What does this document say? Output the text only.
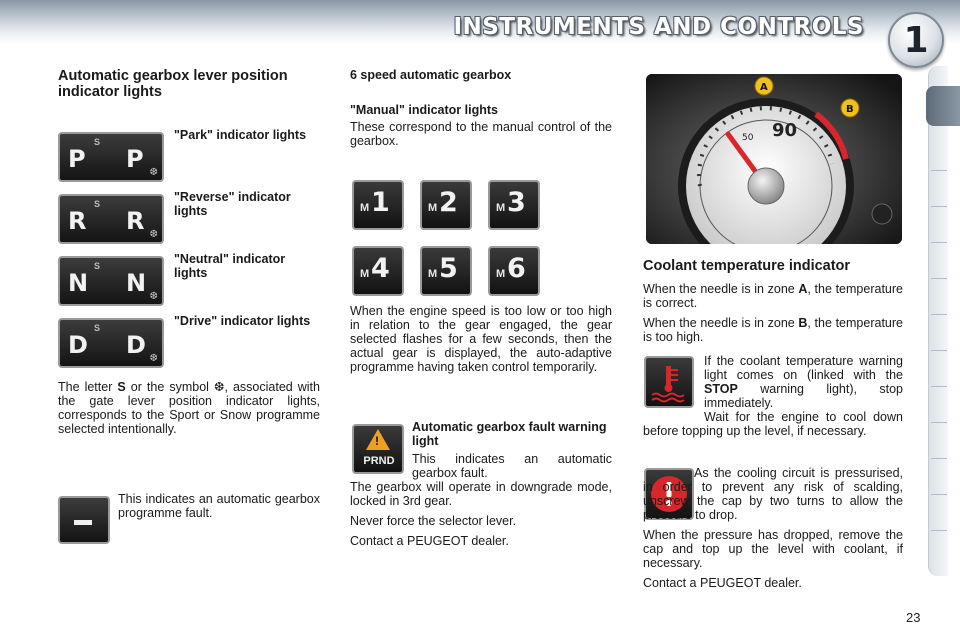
INSTRUMENTS AND CONTROLS	1
Automatic gearbox lever position indicator lights
S
P P ❆
"Park" indicator lights
S
R R ❆
"Reverse" indicator lights
S
N N ❆
"Neutral" indicator lights
S
D D ❆
"Drive" indicator lights
The letter S or the symbol ❆, associated with the gate lever position indicator lights, corresponds to the Sport or Snow programme selected intentionally.
This indicates an automatic gearbox programme fault.
6 speed automatic gearbox
"Manual" indicator lights
These correspond to the manual control of the gearbox.
M 1	M 2	M 3
M 4	M 5	M 6
When the engine speed is too low or too high in relation to the gear engaged, the gear selected flashes for a few seconds, then the actual gear is displayed, the auto-adaptive programme having taken control temporarily.
!
PRND
Automatic gearbox fault warning light
This indicates an automatic gearbox fault.

The gearbox will operate in downgrade mode, locked in 3rd gear.

Never force the selector lever.

Contact a PEUGEOT dealer.

90
50
A
B
Coolant temperature indicator

When the needle is in zone A, the temperature is correct.

When the needle is in zone B, the temperature is too high.

If the coolant temperature warning light comes on (linked with the STOP warning light), stop immediately.
Wait for the engine to cool down before topping up the level, if necessary.

As the cooling circuit is pressurised, in order to prevent any risk of scalding, unscrew the cap by two turns to allow the pressure to drop.

When the pressure has dropped, remove the cap and top up the level with coolant, if necessary.

Contact a PEUGEOT dealer.

23
